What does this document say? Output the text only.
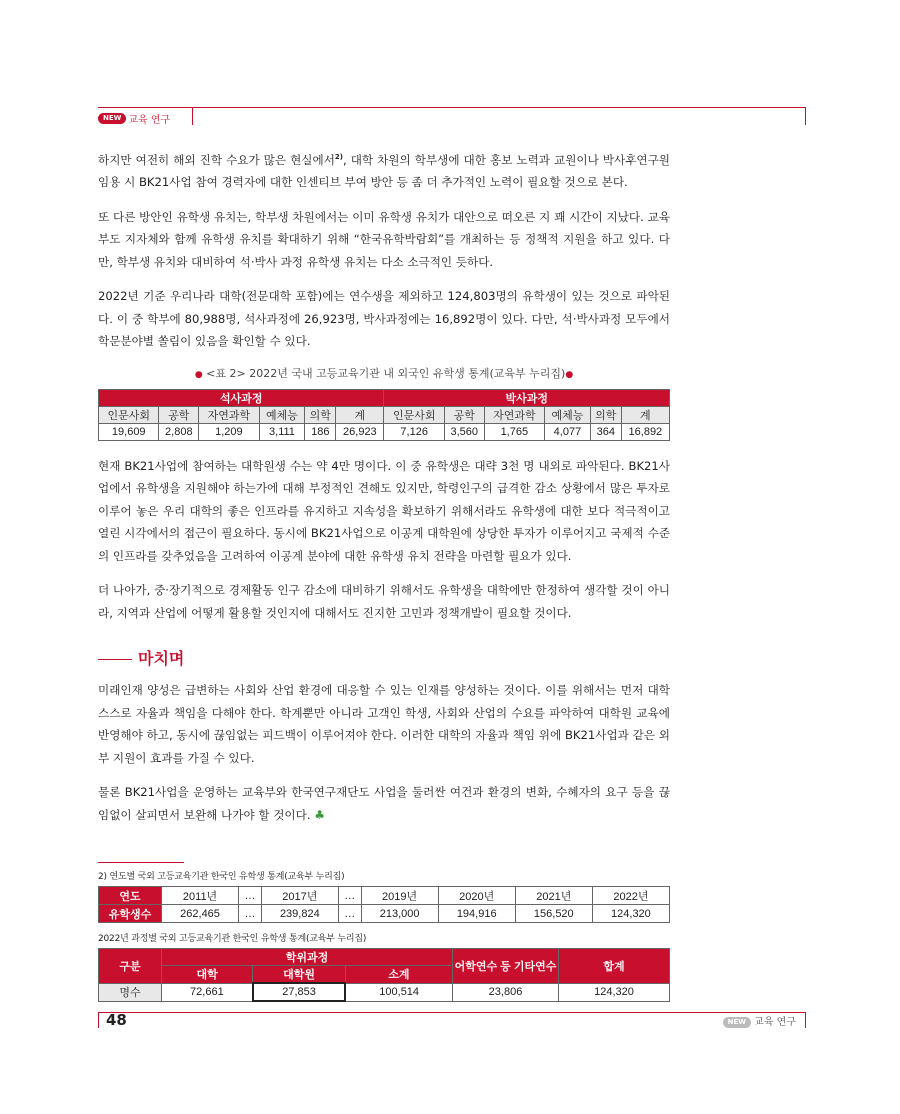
NEW 교육 연구

하지만 여전히 해외 진학 수요가 많은 현실에서$^{2)}$, 대학 차원의 학부생에 대한 홍보 노력과 교원이나 박사후연구원 임용 시 BK21사업 참여 경력자에 대한 인센티브 부여 방안 등 좀 더 추가적인 노력이 필요할 것으로 본다.

또 다른 방안인 유학생 유치는, 학부생 차원에서는 이미 유학생 유치가 대안으로 떠오른 지 꽤 시간이 지났다. 교육부도 지자체와 함께 유학생 유치를 확대하기 위해 “한국유학박람회”를 개최하는 등 정책적 지원을 하고 있다. 다만, 학부생 유치와 대비하여 석·박사 과정 유학생 유치는 다소 소극적인 듯하다.

2022년 기준 우리나라 대학(전문대학 포함)에는 연수생을 제외하고 124,803명의 유학생이 있는 것으로 파악된다. 이 중 학부에 80,988명, 석사과정에 26,923명, 박사과정에는 16,892명이 있다. 다만, 석·박사과정 모두에서 학문분야별 쏠림이 있음을 확인할 수 있다.

● <표 2> 2022년 국내 고등교육기관 내 외국인 유학생 통계(교육부 누리집)●
석사과정						박사과정					
인문사회	공학	자연과학	예체능	의학	계	인문사회	공학	자연과학	예체능	의학	계
19,609	2,808	1,209	3,111	186	26,923	7,126	3,560	1,765	4,077	364	16,892

현재 BK21사업에 참여하는 대학원생 수는 약 4만 명이다. 이 중 유학생은 대략 3천 명 내외로 파악된다. BK21사업에서 유학생을 지원해야 하는가에 대해 부정적인 견해도 있지만, 학령인구의 급격한 감소 상황에서 많은 투자로 이루어 놓은 우리 대학의 좋은 인프라를 유지하고 지속성을 확보하기 위해서라도 유학생에 대한 보다 적극적이고 열린 시각에서의 접근이 필요하다. 동시에 BK21사업으로 이공계 대학원에 상당한 투자가 이루어지고 국제적 수준의 인프라를 갖추었음을 고려하여 이공계 분야에 대한 유학생 유치 전략을 마련할 필요가 있다.

더 나아가, 중·장기적으로 경제활동 인구 감소에 대비하기 위해서도 유학생을 대학에만 한정하여 생각할 것이 아니라, 지역과 산업에 어떻게 활용할 것인지에 대해서도 진지한 고민과 정책개발이 필요할 것이다.

마치며

미래인재 양성은 급변하는 사회와 산업 환경에 대응할 수 있는 인재를 양성하는 것이다. 이를 위해서는 먼저 대학 스스로 자율과 책임을 다해야 한다. 학계뿐만 아니라 고객인 학생, 사회와 산업의 수요를 파악하여 대학원 교육에 반영해야 하고, 동시에 끊임없는 피드백이 이루어져야 한다. 이러한 대학의 자율과 책임 위에 BK21사업과 같은 외부 지원이 효과를 가질 수 있다.

물론 BK21사업을 운영하는 교육부와 한국연구재단도 사업을 둘러싼 여건과 환경의 변화, 수혜자의 요구 등을 끊임없이 살피면서 보완해 나가야 할 것이다. ♣

2) 연도별 국외 고등교육기관 한국인 유학생 통계(교육부 누리집)
연도	2011년	…	2017년	…	2019년	2020년	2021년	2022년
유학생수	262,465	…	239,824	…	213,000	194,916	156,520	124,320
2022년 과정별 국외 고등교육기관 한국인 유학생 통계(교육부 누리집)
구분	학위과정			어학연수 등 기타연수	합계
	대학	대학원	소계		
명수	72,661	27,853	100,514	23,806	124,320
48	NEW 교육 연구
